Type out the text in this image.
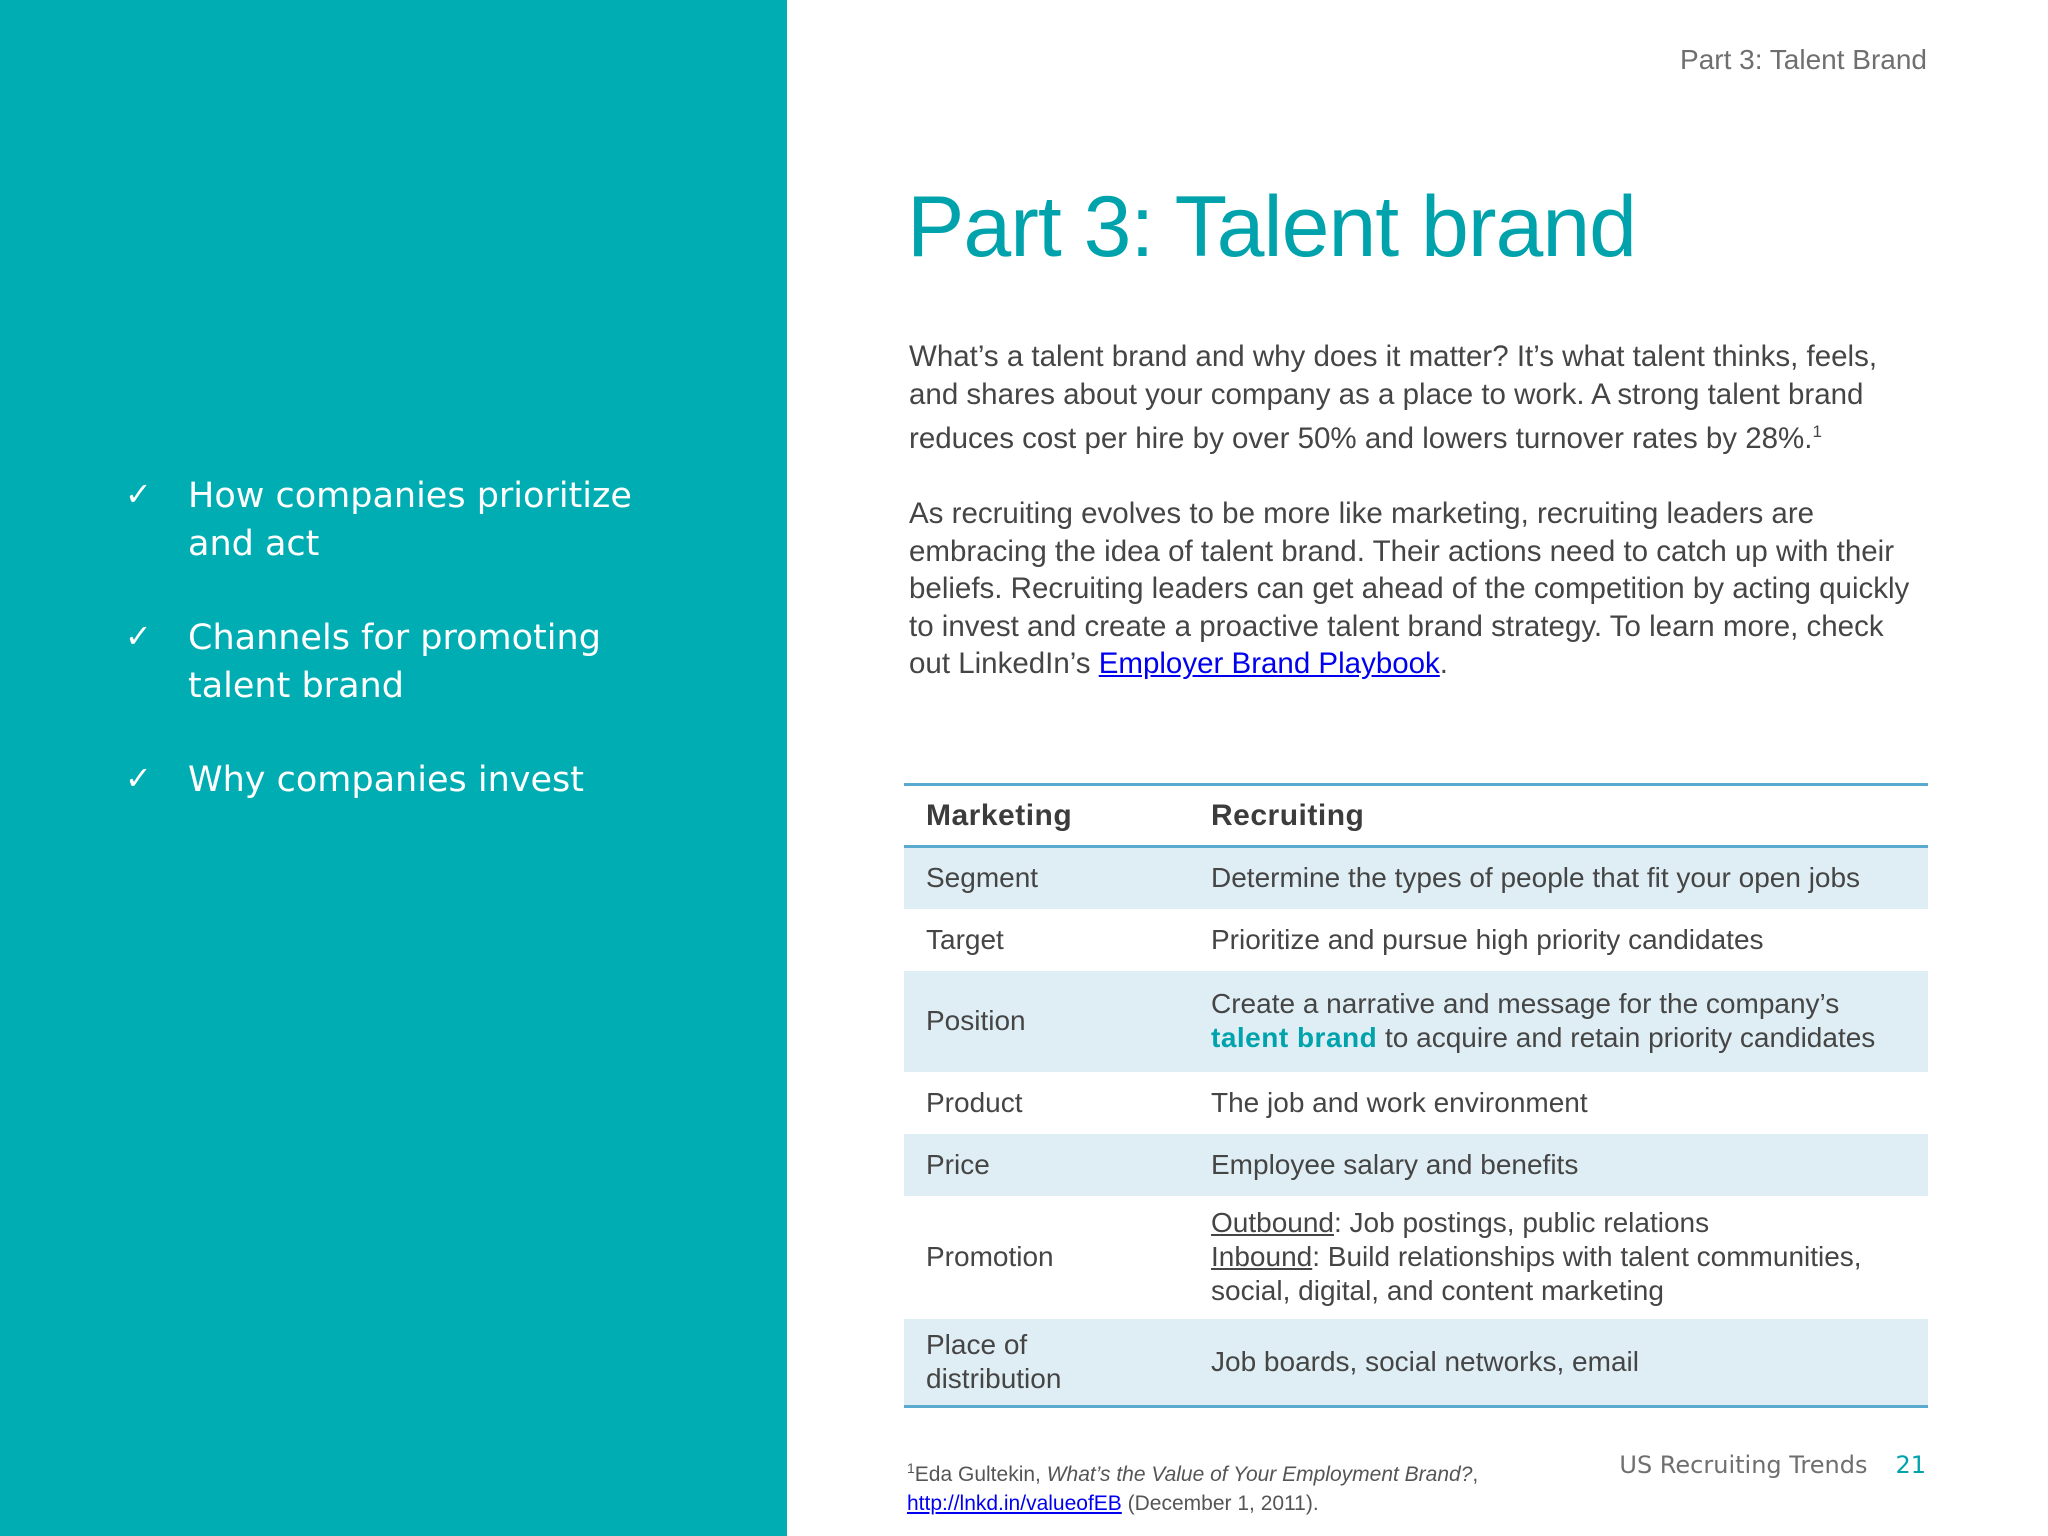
✓ How companies prioritize and act
✓ Channels for promoting talent brand
✓ Why companies invest
Part 3: Talent Brand
Part 3: Talent brand

What’s a talent brand and why does it matter? It’s what talent thinks, feels, and shares about your company as a place to work. A strong talent brand reduces cost per hire by over 50% and lowers turnover rates by 28%.$^1$

As recruiting evolves to be more like marketing, recruiting leaders are embracing the idea of talent brand. Their actions need to catch up with their beliefs. Recruiting leaders can get ahead of the competition by acting quickly to invest and create a proactive talent brand strategy. To learn more, check out LinkedIn’s Employer Brand Playbook.

Marketing	Recruiting
Segment	Determine the types of people that fit your open jobs
Target	Prioritize and pursue high priority candidates
Position	Create a narrative and message for the company’s
talent brand to acquire and retain priority candidates
Product	The job and work environment
Price	Employee salary and benefits
Promotion	Outbound: Job postings, public relations
Inbound: Build relationships with talent communities, social, digital, and content marketing
Place of
distribution	Job boards, social networks, email
$^1$Eda Gultekin, What’s the Value of Your Employment Brand?,
http://lnkd.in/valueofEB (December 1, 2011).
US Recruiting Trends 21
